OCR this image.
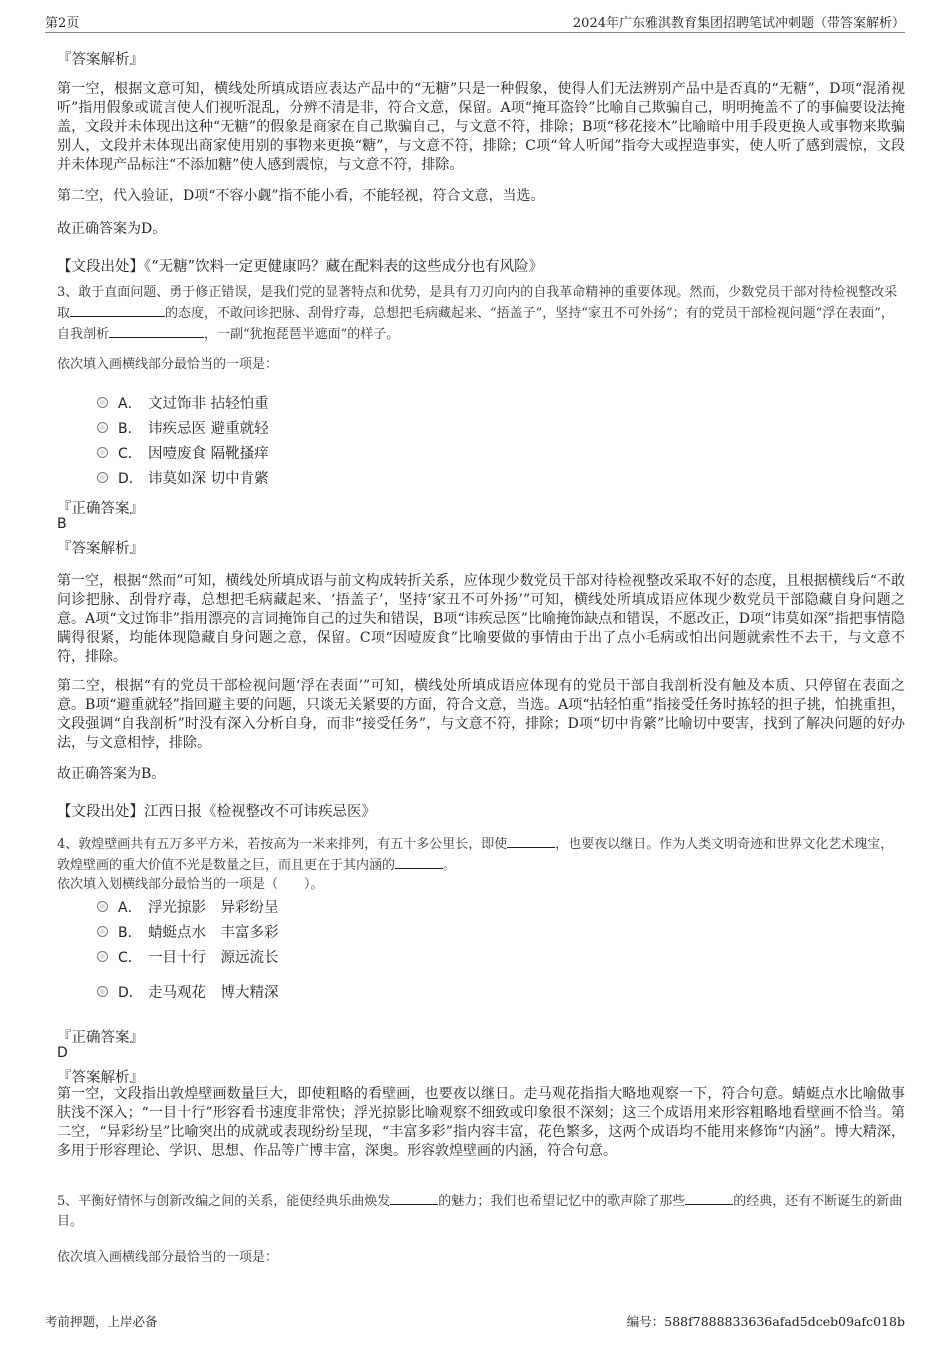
第2页	2024年广东雅淇教育集团招聘笔试冲刺题（带答案解析）
『答案解析』

第一空，根据文意可知，横线处所填成语应表达产品中的“无糖”只是一种假象，使得人们无法辨别产品中是否真的“无糖”，D项“混淆视听”指用假象或谎言使人们视听混乱，分辨不清是非，符合文意，保留。A项“掩耳盗铃”比喻自己欺骗自己，明明掩盖不了的事偏要设法掩盖，文段并未体现出这种“无糖”的假象是商家在自己欺骗自己，与文意不符，排除；B项“移花接木”比喻暗中用手段更换人或事物来欺骗别人，文段并未体现出商家使用别的事物来更换“糖”，与文意不符，排除；C项“耸人听闻”指夸大或捏造事实，使人听了感到震惊，文段并未体现产品标注“不添加糖”使人感到震惊，与文意不符，排除。

第二空，代入验证，D项“不容小觑”指不能小看，不能轻视，符合文意，当选。

故正确答案为D。

【文段出处】《“无糖”饮料一定更健康吗？藏在配料表的这些成分也有风险》
3、敢于直面问题、勇于修正错误，是我们党的显著特点和优势，是具有刀刃向内的自我革命精神的重要体现。然而，少数党员干部对待检视整改采取	的态度，不敢问诊把脉、刮骨疗毒，总想把毛病藏起来、“捂盖子”，坚持“家丑不可外扬”；有的党员干部检视问题“浮在表面”，自我剖析	，一副“犹抱琵琶半遮面”的样子。
依次填入画横线部分最恰当的一项是：
A． 文过饰非 拈轻怕重
B． 讳疾忌医 避重就轻
C． 因噎废食 隔靴搔痒
D． 讳莫如深 切中肯綮
『正确答案』
B
『答案解析』

第一空，根据“然而”可知，横线处所填成语与前文构成转折关系，应体现少数党员干部对待检视整改采取不好的态度，且根据横线后“不敢问诊把脉、刮骨疗毒，总想把毛病藏起来、‘捂盖子’，坚持‘家丑不可外扬’”可知，横线处所填成语应体现少数党员干部隐藏自身问题之意。A项“文过饰非”指用漂亮的言词掩饰自己的过失和错误，B项“讳疾忌医”比喻掩饰缺点和错误，不愿改正，D项“讳莫如深”指把事情隐瞒得很紧，均能体现隐藏自身问题之意，保留。C项“因噎废食”比喻要做的事情由于出了点小毛病或怕出问题就索性不去干，与文意不符，排除。

第二空，根据“有的党员干部检视问题‘浮在表面’”可知，横线处所填成语应体现有的党员干部自我剖析没有触及本质、只停留在表面之意。B项“避重就轻”指回避主要的问题，只谈无关紧要的方面，符合文意，当选。A项“拈轻怕重”指接受任务时拣轻的担子挑，怕挑重担，文段强调“自我剖析”时没有深入分析自身，而非“接受任务”，与文意不符，排除；D项“切中肯綮”比喻切中要害，找到了解决问题的好办法，与文意相悖，排除。

故正确答案为B。

【文段出处】江西日报《检视整改不可讳疾忌医》
4、敦煌壁画共有五万多平方米，若按高为一米来排列，有五十多公里长，即使	，也要夜以继日。作为人类文明奇迹和世界文化艺术瑰宝，敦煌壁画的重大价值不光是数量之巨，而且更在于其内涵的	。
依次填入划横线部分最恰当的一项是（　　）。
A． 浮光掠影　异彩纷呈
B． 蜻蜓点水　丰富多彩
C． 一目十行　源远流长
D． 走马观花　博大精深
『正确答案』
D
『答案解析』

第一空，文段指出敦煌壁画数量巨大，即使粗略的看壁画，也要夜以继日。走马观花指指大略地观察一下，符合句意。蜻蜓点水比喻做事肤浅不深入；“一目十行”形容看书速度非常快；浮光掠影比喻观察不细致或印象很不深刻；这三个成语用来形容粗略地看壁画不恰当。第二空，“异彩纷呈”比喻突出的成就或表现纷纷呈现，“丰富多彩”指内容丰富，花色繁多，这两个成语均不能用来修饰“内涵”。博大精深，多用于形容理论、学识、思想、作品等广博丰富，深奥。形容敦煌壁画的内涵，符合句意。

5、平衡好情怀与创新改编之间的关系，能使经典乐曲焕发	的魅力；我们也希望记忆中的歌声除了那些	的经典，还有不断诞生的新曲目。
依次填入画横线部分最恰当的一项是：
考前押题，上岸必备	编号：588f7888833636afad5dceb09afc018b
